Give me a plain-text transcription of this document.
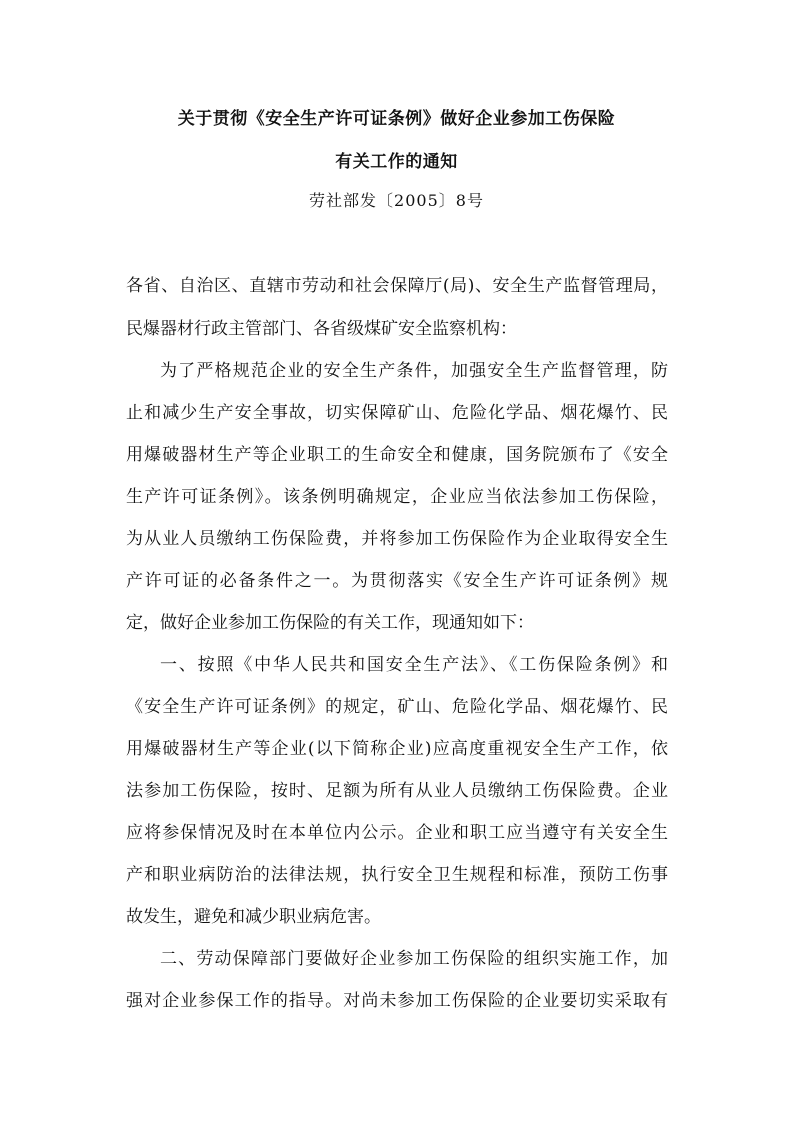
关于贯彻《安全生产许可证条例》做好企业参加工伤保险
有关工作的通知
劳社部发〔2005〕8号
各省、自治区、直辖市劳动和社会保障厅(局)、安全生产监督管理局，
民爆器材行政主管部门、各省级煤矿安全监察机构：
为了严格规范企业的安全生产条件，加强安全生产监督管理，防
止和减少生产安全事故，切实保障矿山、危险化学品、烟花爆竹、民
用爆破器材生产等企业职工的生命安全和健康，国务院颁布了《安全
生产许可证条例》。该条例明确规定，企业应当依法参加工伤保险，
为从业人员缴纳工伤保险费，并将参加工伤保险作为企业取得安全生
产许可证的必备条件之一。为贯彻落实《安全生产许可证条例》规
定，做好企业参加工伤保险的有关工作，现通知如下：
一、按照《中华人民共和国安全生产法》、《工伤保险条例》和
《安全生产许可证条例》的规定，矿山、危险化学品、烟花爆竹、民
用爆破器材生产等企业(以下简称企业)应高度重视安全生产工作，依
法参加工伤保险，按时、足额为所有从业人员缴纳工伤保险费。企业
应将参保情况及时在本单位内公示。企业和职工应当遵守有关安全生
产和职业病防治的法律法规，执行安全卫生规程和标准，预防工伤事
故发生，避免和减少职业病危害。
二、劳动保障部门要做好企业参加工伤保险的组织实施工作，加
强对企业参保工作的指导。对尚未参加工伤保险的企业要切实采取有
